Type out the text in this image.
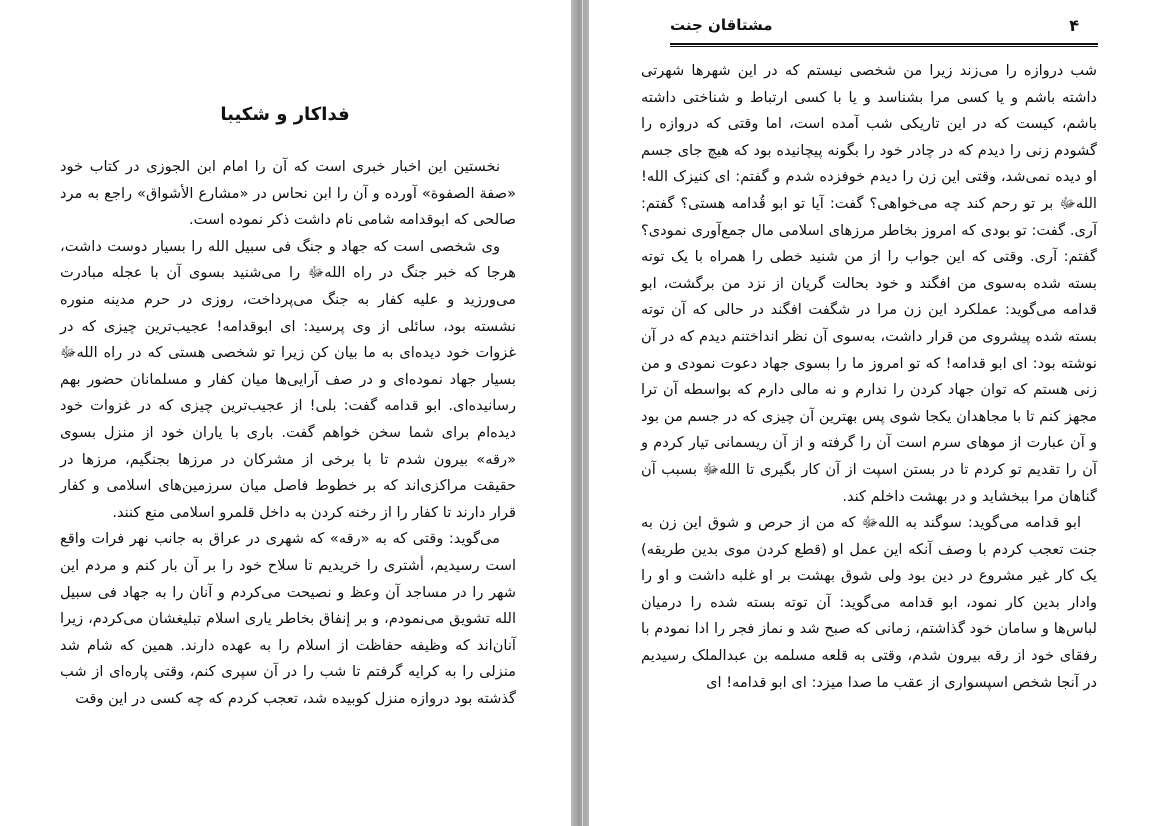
فداکار و شکیبا

نخستین این اخبار خبری است که آن را امام ابن الجوزی در کتاب خود «صفة الصفوة» آورده و آن را ابن نحاس در «مشارع الأشواق» راجع به مرد صالحی که ابوقدامه شامی نام داشت ذکر نموده است.

وی شخصی است که جهاد و جنگ فی سبیل الله را بسیار دوست داشت، هرجا که خبر جنگ در راه اللهﷻ را می‌شنید بسوی آن با عجله مبادرت می‌ورزید و علیه کفار به جنگ می‌پرداخت، روزی در حرم مدینه منوره نشسته بود، سائلی از وی پرسید: ای ابوقدامه! عجیب‌ترین چیزی که در غزوات خود دیده‌ای به ما بیان کن زیرا تو شخصی هستی که در راه اللهﷻ بسیار جهاد نموده‌ای و در صف آرایی‌ها میان کفار و مسلمانان حضور بهم رسانیده‌ای. ابو قدامه گفت: بلی! از عجیب‌ترین چیزی که در غزوات خود دیده‌ام برای شما سخن خواهم گفت. باری با یاران خود از منزل بسوی «رقه» بیرون شدم تا با برخی از مشرکان در مرزها بجنگیم، مرزها در حقیقت مراکزی‌اند که بر خطوط فاصل میان سرزمین‌های اسلامی و کفار قرار دارند تا کفار را از رخنه کردن به داخل قلمرو اسلامی منع کنند.

می‌گوید: وقتی که به «رقه» که شهری در عراق به جانب نهر فرات واقع است رسیدیم، أشتری را خریدیم تا سلاح خود را بر آن بار کنم و مردم این شهر را در مساجد آن وعظ و نصیحت می‌کردم و آنان را به جهاد فی سبیل الله تشویق می‌نمودم، و بر إنفاق بخاطر یاری اسلام تبلیغشان می‌کردم، زیرا آنان‌اند که وظیفه حفاظت از اسلام را به عهده دارند. همین که شام شد منزلی را به کرایه گرفتم تا شب را در آن سپری کنم، وقتی پاره‌ای از شب گذشته بود دروازه منزل کوبیده شد، تعجب کردم که چه کسی در این وقت

۴
مشتاقان جنت

شب دروازه را می‌زند زیرا من شخصی نیستم که در این شهرها شهرتی داشته باشم و یا کسی مرا بشناسد و یا با کسی ارتباط و شناختی داشته باشم، کیست که در این تاریکی شب آمده است، اما وقتی که دروازه را گشودم زنی را دیدم که در چادر خود را بگونه پیچانیده بود که هیچ جای جسم او دیده نمی‌شد، وقتی این زن را دیدم خوفزده شدم و گفتم: ای کنیزک الله! اللهﷻ بر تو رحم کند چه می‌خواهی؟ گفت: آیا تو ابو قُدامه هستی؟ گفتم: آری. گفت: تو بودی که امروز بخاطر مرزهای اسلامی مال جمع‌آوری نمودی؟ گفتم: آری. وقتی که این جواب را از من شنید خطی را همراه با یک توته بسته شده به‌سوی من افگند و خود بحالت گریان از نزد من برگشت، ابو قدامه می‌گوید: عملکرد این زن مرا در شگفت افگند در حالی که آن توته بسته شده پیشروی من قرار داشت، به‌سوی آن نظر انداختنم دیدم که در آن نوشته بود: ای ابو قدامه! که تو امروز ما را بسوی جهاد دعوت نمودی و من زنی هستم که توان جهاد کردن را ندارم و نه مالی دارم که بواسطه آن ترا مجهز کنم تا با مجاهدان یکجا شوی پس بهترین آن چیزی که در جسم من بود و آن عبارت از موهای سرم است آن را گرفته و از آن ریسمانی تیار کردم و آن را تقدیم تو کردم تا در بستن اسپت از آن کار بگیری تا اللهﷻ بسبب آن گناهان مرا ببخشاید و در بهشت داخلم کند.

ابو قدامه می‌گوید: سوگند به اللهﷻ که من از حرص و شوق این زن به جنت تعجب کردم با وصف آنکه این عمل او (قطع کردن موی بدین طریقه) یک کار غیر مشروع در دین بود ولی شوق بهشت بر او غلبه داشت و او را وادار بدین کار نمود، ابو قدامه می‌گوید: آن توته بسته شده را درمیان لباس‌ها و سامان خود گذاشتم، زمانی که صبح شد و نماز فجر را ادا نمودم با رفقای خود از رقه بیرون شدم، وقتی به قلعه مسلمه بن عبدالملک رسیدیم در آنجا شخص اسپسواری از عقب ما صدا میزد: ای ابو قدامه! ای
